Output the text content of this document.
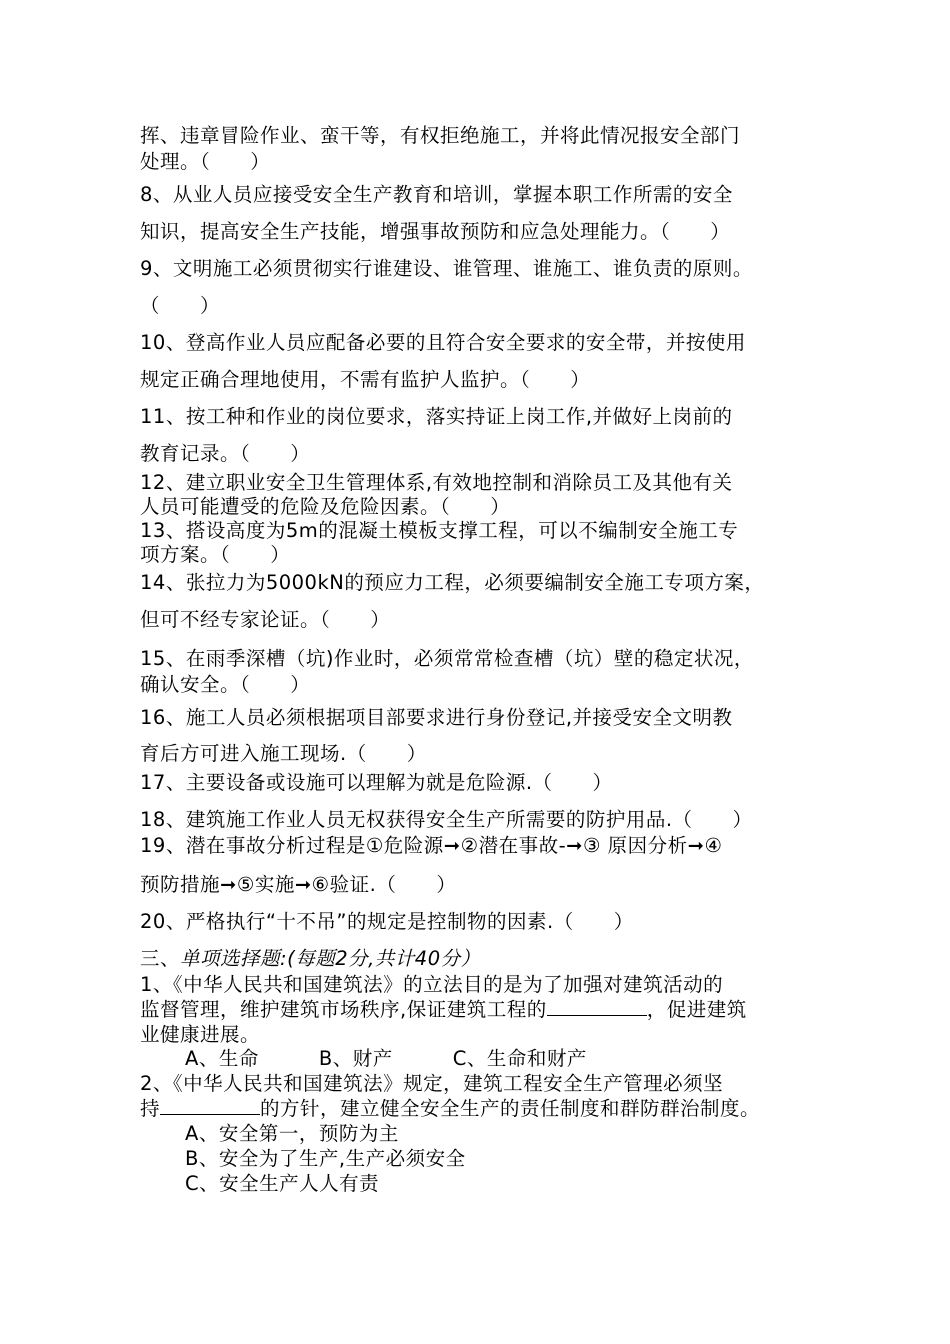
挥、违章冒险作业、蛮干等，有权拒绝施工，并将此情况报安全部门
处理。（　　）
8、从业人员应接受安全生产教育和培训，掌握本职工作所需的安全
知识，提高安全生产技能，增强事故预防和应急处理能力。（　　）
9、文明施工必须贯彻实行谁建设、谁管理、谁施工、谁负责的原则。
（　　）
10、登高作业人员应配备必要的且符合安全要求的安全带，并按使用
规定正确合理地使用，不需有监护人监护。（　　）
11、按工种和作业的岗位要求，落实持证上岗工作,并做好上岗前的
教育记录。（　　）
12、建立职业安全卫生管理体系,有效地控制和消除员工及其他有关
人员可能遭受的危险及危险因素。（　　）
13、搭设高度为5m的混凝土模板支撑工程，可以不编制安全施工专
项方案。（　　）
14、张拉力为5000kN的预应力工程，必须要编制安全施工专项方案，
但可不经专家论证。（　　）
15、在雨季深槽（坑)作业时，必须常常检查槽（坑）壁的稳定状况，
确认安全。（　　）
16、施工人员必须根据项目部要求进行身份登记,并接受安全文明教
育后方可进入施工现场.（　　）
17、主要设备或设施可以理解为就是危险源.（　　）
18、建筑施工作业人员无权获得安全生产所需要的防护用品.（　　）
19、潜在事故分析过程是①危险源➞②潜在事故-➞③ 原因分析➞④
预防措施➞⑤实施➞⑥验证.（　　）
20、严格执行“十不吊”的规定是控制物的因素.（　　）
三、单项选择题:(每题2分,共计40分）
1、《中华人民共和国建筑法》的立法目的是为了加强对建筑活动的
监督管理，维护建筑市场秩序,保证建筑工程的	，促进建筑
业健康进展。
A、生命	B、财产	C、生命和财产
2、《中华人民共和国建筑法》规定，建筑工程安全生产管理必须坚
持	的方针，建立健全安全生产的责任制度和群防群治制度。
A、安全第一，预防为主
B、安全为了生产,生产必须安全
C、安全生产人人有责
